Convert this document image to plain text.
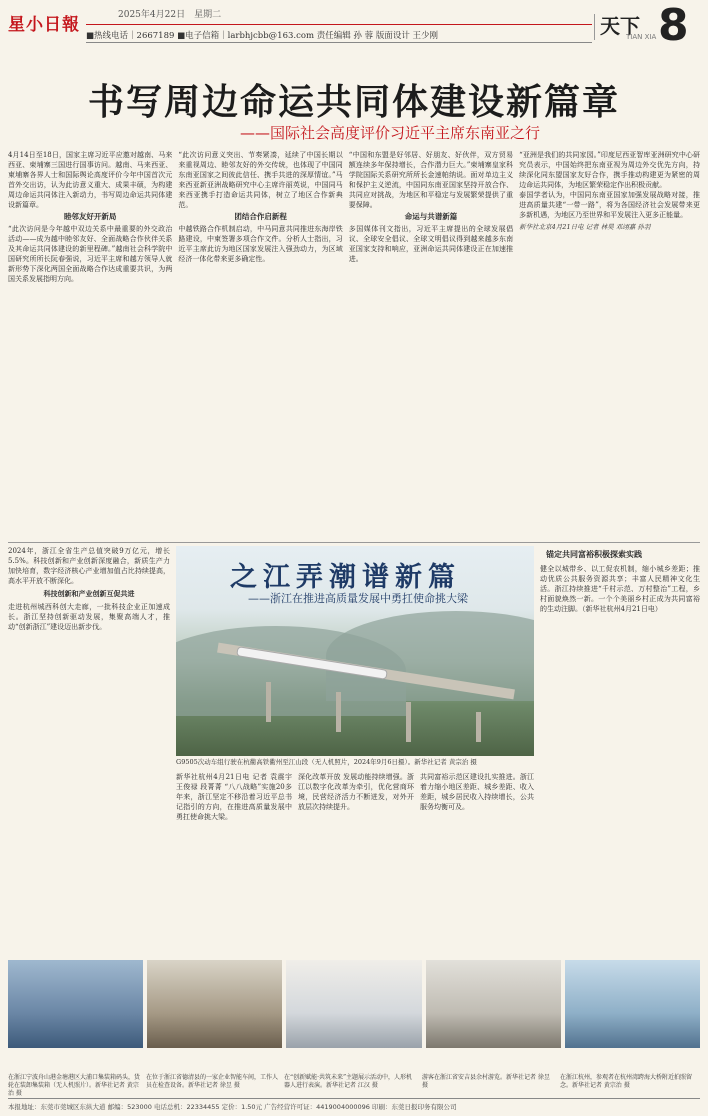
星小日報	2025年4月22日　星期二
■热线电话｜2667189 ■电子信箱｜larbhjcbb@163.com 责任编辑 孙 蓉 版面设计 王少刚	天下
TIAN XIA 8
书写周边命运共同体建设新篇章
——国际社会高度评价习近平主席东南亚之行
4月14日至18日，国家主席习近平应邀对越南、马来西亚、柬埔寨三国进行国事访问。越南、马来西亚、柬埔寨各界人士和国际舆论高度评价今年中国首次元首外交出访，认为此访意义重大、成果丰硕，为构建周边命运共同体注入新动力，书写周边命运共同体建设新篇章。
睦邻友好开新局
“此次访问是今年越中双边关系中最重要的外交政治活动——成为越中睦邻友好、全面战略合作伙伴关系及其命运共同体建设的新里程碑。”越南社会科学院中国研究所所长阮春强说，习近平主席和越方领导人就新形势下深化两国全面战略合作达成重要共识，为两国关系发展指明方向。
“此次访问意义突出、节奏紧凑，延续了中国长期以来重视周边、睦邻友好的外交传统，也体现了中国同东南亚国家之间彼此信任、携手共进的深厚情谊。”马来西亚新亚洲战略研究中心主席许丽英说，中国同马来西亚携手打造命运共同体，树立了地区合作新典范。
团结合作启新程
中越铁路合作机制启动，中马同意共同推进东海岸铁路建设，中柬签署多项合作文件。分析人士指出，习近平主席此访为地区国家发展注入强劲动力，为区域经济一体化带来更多确定性。
“中国和东盟是好邻居、好朋友、好伙伴，双方贸易额连续多年保持增长，合作潜力巨大。”柬埔寨皇家科学院国际关系研究所所长金速帕纳说。面对单边主义和保护主义逆流，中国同东南亚国家坚持开放合作、共同应对挑战，为地区和平稳定与发展繁荣提供了重要保障。
命运与共谱新篇
多国媒体刊文指出，习近平主席提出的全球发展倡议、全球安全倡议、全球文明倡议得到越来越多东南亚国家支持和响应，亚洲命运共同体建设正在加速推进。
“亚洲是我们的共同家园。”印度尼西亚智库亚洲研究中心研究员表示，中国始终把东南亚视为周边外交优先方向，持续深化同东盟国家友好合作，携手推动构建更为紧密的周边命运共同体，为地区繁荣稳定作出积极贡献。
泰国学者认为，中国同东南亚国家加强发展战略对接，推进高质量共建“一带一路”，将为各国经济社会发展带来更多新机遇，为地区乃至世界和平发展注入更多正能量。
新华社北京4月21日电 记者 林昊 邓翊嘉 孙羽
2024年，浙江全省生产总值突破9万亿元，增长5.5%。科技创新和产业创新深度融合，新质生产力加快培育，数字经济核心产业增加值占比持续提高，高水平开放不断深化。
科技创新和产业创新互促共进
走进杭州城西科创大走廊，一批科技企业正加速成长。浙江坚持创新驱动发展，集聚高端人才，推动“创新浙江”建设迈出新步伐。
之江弄潮谱新篇
——浙江在推进高质量发展中勇扛使命挑大梁
G9505次动车组行驶在杭衢高铁衢州至江山段（无人机照片，2024年9月6日摄）。新华社记者 黄宗治 摄
新华社杭州4月21日电 记者 袁震宇 王俊禄 段菁菁 “八八战略”实施20多年来，浙江坚定不移沿着习近平总书记指引的方向，在推进高质量发展中勇扛使命挑大梁。
深化改革开放 发展动能持续增强。浙江以数字化改革为牵引，优化营商环境，民营经济活力不断迸发，对外开放层次持续提升。
共同富裕示范区建设扎实推进。浙江着力缩小地区差距、城乡差距、收入差距，城乡居民收入持续增长，公共服务均衡可及。
锚定共同富裕积极探索实践
健全以城带乡、以工促农机制，缩小城乡差距；推动优质公共服务资源共享；丰富人民精神文化生活。浙江持续推进“千村示范、万村整治”工程，乡村面貌焕然一新。一个个美丽乡村正成为共同富裕的生动注脚。（新华社杭州4月21日电）
在浙江宁波舟山港金塘港区大浦口集装箱码头，货轮在装卸集装箱（无人机照片）。新华社记者 黄宗治 摄
在位于浙江省德清县的一家企业智能车间，工作人员在检查设备。新华社记者 徐昱 摄
在“创新赋能·共筑未来”主题展示活动中，人形机器人进行表演。新华社记者 江汉 摄
游客在浙江省安吉县余村游览。新华社记者 徐昱 摄
在浙江杭州，参观者在杭州湾跨海大桥附近拍照留念。新华社记者 黄宗治 摄
本报地址：东莞市莞城区东纵大道 邮编：523000 电话总机：22334455 定价：1.50元 广告经营许可证：4419004000096 印刷：东莞日报印务有限公司
